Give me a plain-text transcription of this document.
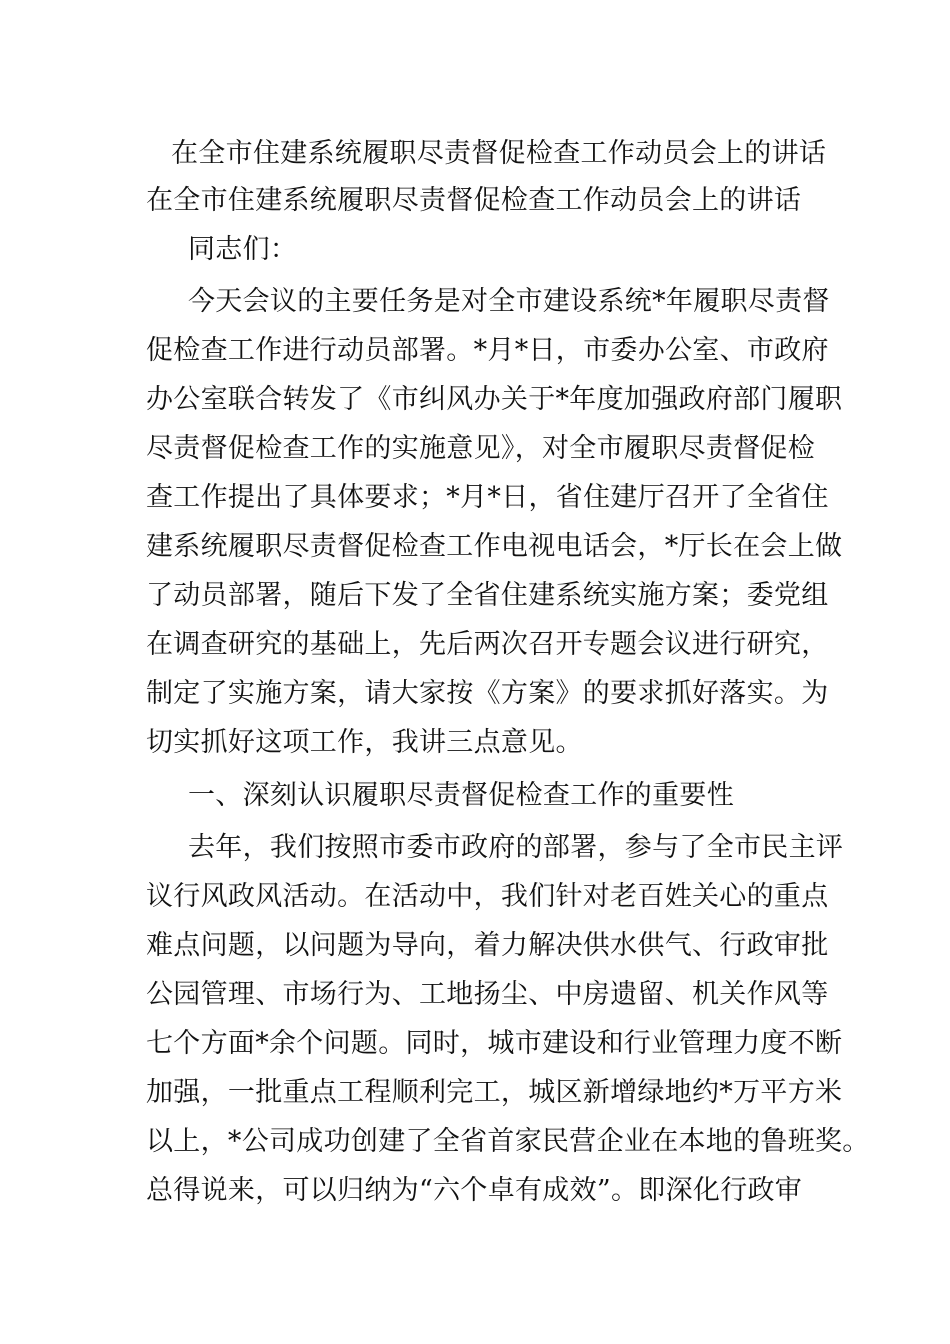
在全市住建系统履职尽责督促检查工作动员会上的讲话
在全市住建系统履职尽责督促检查工作动员会上的讲话
同志们：
今天会议的主要任务是对全市建设系统*年履职尽责督
促检查工作进行动员部署。*月*日，市委办公室、市政府
办公室联合转发了《市纠风办关于*年度加强政府部门履职
尽责督促检查工作的实施意见》，对全市履职尽责督促检
查工作提出了具体要求；*月*日，省住建厅召开了全省住
建系统履职尽责督促检查工作电视电话会，*厅长在会上做
了动员部署，随后下发了全省住建系统实施方案；委党组
在调查研究的基础上，先后两次召开专题会议进行研究，
制定了实施方案，请大家按《方案》的要求抓好落实。为
切实抓好这项工作，我讲三点意见。
一、深刻认识履职尽责督促检查工作的重要性
去年，我们按照市委市政府的部署，参与了全市民主评
议行风政风活动。在活动中，我们针对老百姓关心的重点
难点问题，以问题为导向，着力解决供水供气、行政审批
公园管理、市场行为、工地扬尘、中房遗留、机关作风等
七个方面*余个问题。同时，城市建设和行业管理力度不断
加强，一批重点工程顺利完工，城区新增绿地约*万平方米
以上，*公司成功创建了全省首家民营企业在本地的鲁班奖。
总得说来，可以归纳为“六个卓有成效”。即深化行政审
